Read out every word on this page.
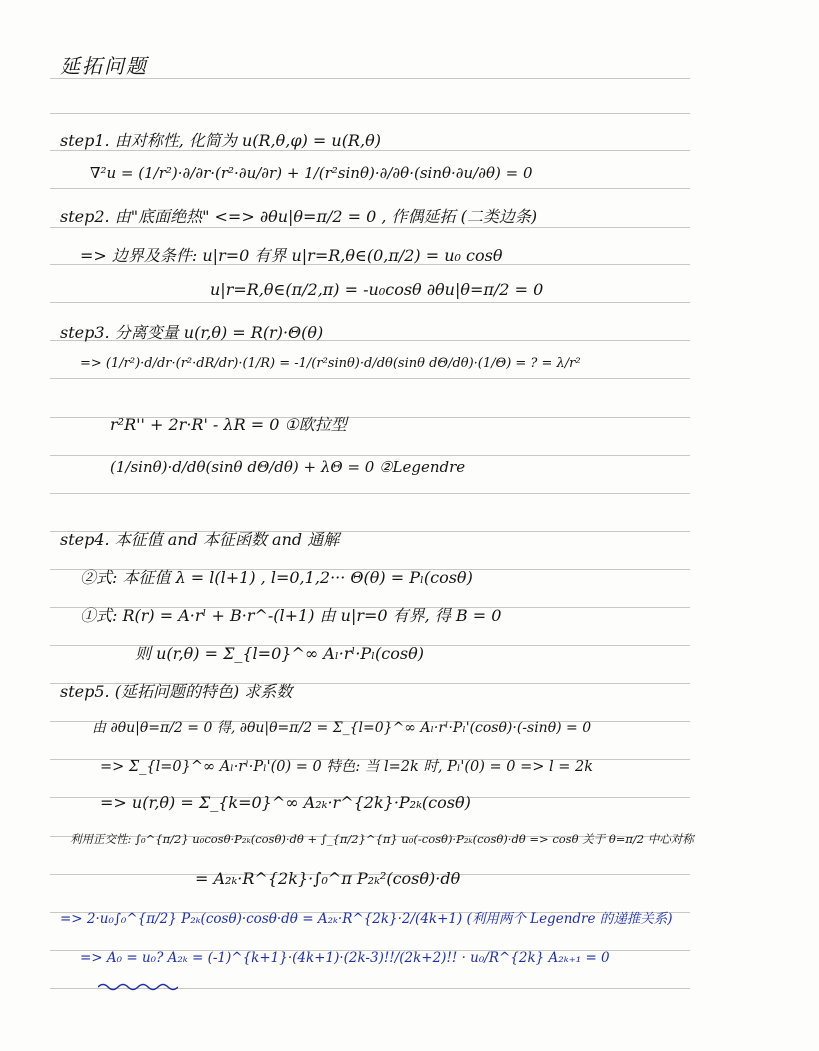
延拓问题
step1. 由对称性, 化简为 u(R,θ,φ) = u(R,θ)
∇²u = (1/r²)·∂/∂r·(r²·∂u/∂r) + 1/(r²sinθ)·∂/∂θ·(sinθ·∂u/∂θ) = 0
step2. 由"底面绝热" <=> ∂θu|θ=π/2 = 0 , 作偶延拓 (二类边条)
=> 边界及条件: u|r=0 有界 u|r=R,θ∈(0,π/2) = u₀ cosθ
u|r=R,θ∈(π/2,π) = -u₀cosθ ∂θu|θ=π/2 = 0
step3. 分离变量 u(r,θ) = R(r)·Θ(θ)
=> (1/r²)·d/dr·(r²·dR/dr)·(1/R) = -1/(r²sinθ)·d/dθ(sinθ dΘ/dθ)·(1/Θ) = ? = λ/r²
r²R'' + 2r·R' - λR = 0 ①欧拉型
(1/sinθ)·d/dθ(sinθ dΘ/dθ) + λΘ = 0 ②Legendre
step4. 本征值 and 本征函数 and 通解
②式: 本征值 λ = l(l+1) , l=0,1,2··· Θ(θ) = Pₗ(cosθ)
①式: R(r) = A·rˡ + B·r^-(l+1) 由 u|r=0 有界, 得 B = 0
则 u(r,θ) = Σ_{l=0}^∞ Aₗ·rˡ·Pₗ(cosθ)
step5. (延拓问题的特色) 求系数
由 ∂θu|θ=π/2 = 0 得, ∂θu|θ=π/2 = Σ_{l=0}^∞ Aₗ·rˡ·Pₗ'(cosθ)·(-sinθ) = 0
=> Σ_{l=0}^∞ Aₗ·rˡ·Pₗ'(0) = 0 特色: 当 l=2k 时, Pₗ'(0) = 0 => l = 2k
=> u(r,θ) = Σ_{k=0}^∞ A₂ₖ·r^{2k}·P₂ₖ(cosθ)
利用正交性: ∫₀^{π/2} u₀cosθ·P₂ₖ(cosθ)·dθ + ∫_{π/2}^{π} u₀(-cosθ)·P₂ₖ(cosθ)·dθ => cosθ 关于 θ=π/2 中心对称
= A₂ₖ·R^{2k}·∫₀^π P₂ₖ²(cosθ)·dθ
=> 2·u₀∫₀^{π/2} P₂ₖ(cosθ)·cosθ·dθ = A₂ₖ·R^{2k}·2/(4k+1) (利用两个 Legendre 的递推关系)
=> A₀ = u₀? A₂ₖ = (-1)^{k+1}·(4k+1)·(2k-3)!!/(2k+2)!! · u₀/R^{2k} A₂ₖ₊₁ = 0
